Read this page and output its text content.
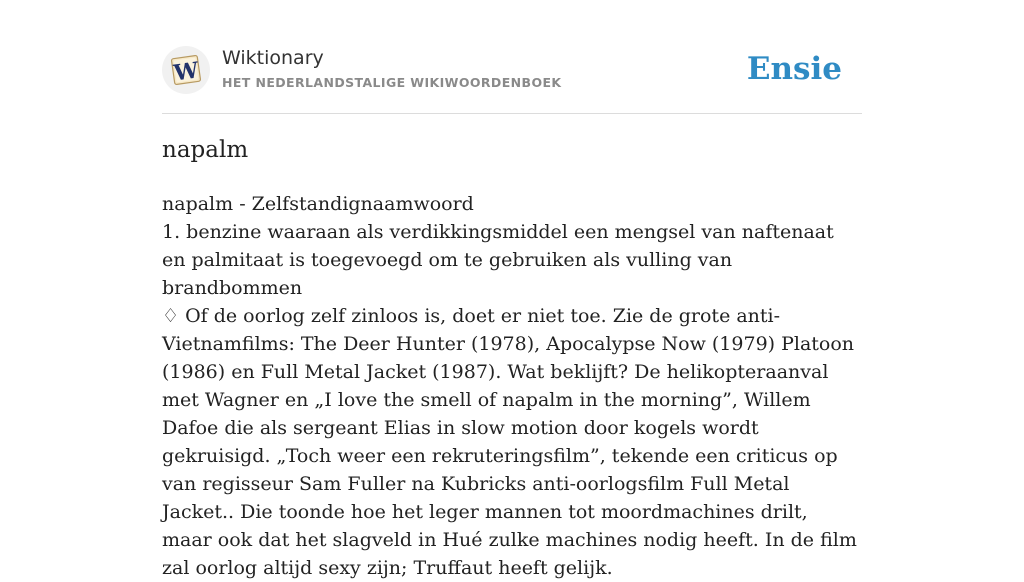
W Wiktionary
HET NEDERLANDSTALIGE WIKIWOORDENBOEK	Ensie
napalm

napalm - Zelfstandignaamwoord

1. benzine waaraan als verdikkingsmiddel een mengsel van naftenaat en palmitaat is toegevoegd om te gebruiken als vulling van brandbommen

♢ Of de oorlog zelf zinloos is, doet er niet toe. Zie de grote anti-Vietnamfilms: The Deer Hunter (1978), Apocalypse Now (1979) Platoon (1986) en Full Metal Jacket (1987). Wat beklijft? De helikopteraanval met Wagner en „I love the smell of napalm in the morning”, Willem Dafoe die als sergeant Elias in slow motion door kogels wordt gekruisigd. „Toch weer een rekruteringsfilm”, tekende een criticus op van regisseur Sam Fuller na Kubricks anti-oorlogsfilm Full Metal Jacket.. Die toonde hoe het leger mannen tot moordmachines drilt, maar ook dat het slagveld in Hué zulke machines nodig heeft. In de film zal oorlog altijd sexy zijn; Truffaut heeft gelijk.
